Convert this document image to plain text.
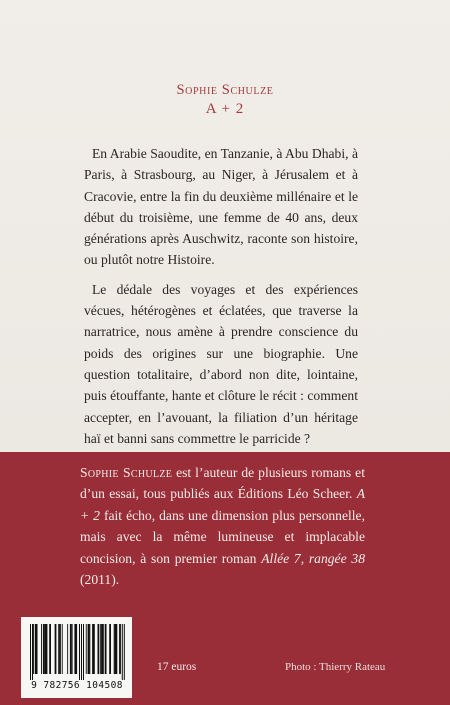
Sophie Schulze
A + 2

En Arabie Saoudite, en Tanzanie, à Abu Dhabi, à Paris, à Strasbourg, au Niger, à Jérusalem et à Cracovie, entre la fin du deuxième millénaire et le début du troisième, une femme de 40 ans, deux générations après Auschwitz, raconte son histoire, ou plutôt notre Histoire.

Le dédale des voyages et des expériences vécues, hétérogènes et éclatées, que traverse la narratrice, nous amène à prendre conscience du poids des origines sur une biographie. Une question totalitaire, d’abord non dite, lointaine, puis étouffante, hante et clôture le récit : comment accepter, en l’avouant, la filiation d’un héritage haï et banni sans commettre le parricide ?

Sophie Schulze est l’auteur de plusieurs romans et d’un essai, tous publiés aux Éditions Léo Scheer. A + 2 fait écho, dans une dimension plus personnelle, mais avec la même lumineuse et implacable concision, à son premier roman Allée 7, rangée 38 (2011).
9 782756 104508
17 euros	Photo : Thierry Rateau
